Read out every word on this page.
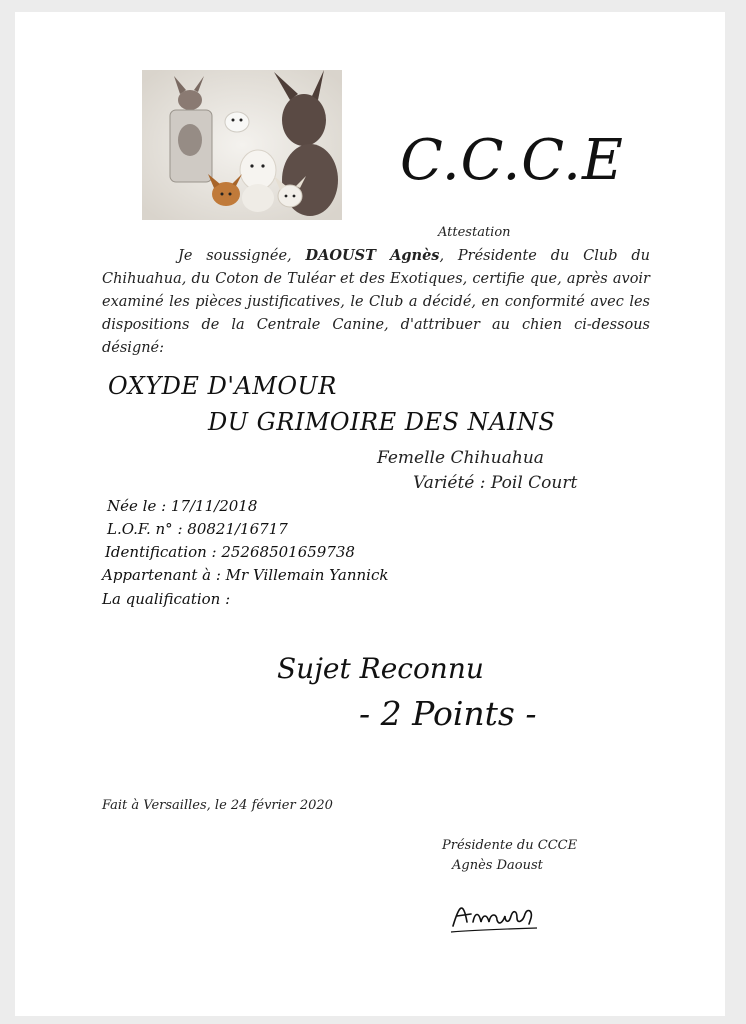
C.C.C.E
Attestation
Je soussignée, DAOUST Agnès, Présidente du Club du Chihuahua, du Coton de Tuléar et des Exotiques, certifie que, après avoir examiné les pièces justificatives, le Club a décidé, en conformité avec les dispositions de la Centrale Canine, d'attribuer au chien ci-dessous désigné:
OXYDE D'AMOUR
DU GRIMOIRE DES NAINS
Femelle Chihuahua
Variété : Poil Court
Née le : 17/11/2018
L.O.F. n° : 80821/16717
Identification : 25268501659738
Appartenant à : Mr Villemain Yannick
La qualification :
Sujet Reconnu
- 2 Points -
Fait à Versailles, le 24 février 2020
Présidente du CCCE
Agnès Daoust
